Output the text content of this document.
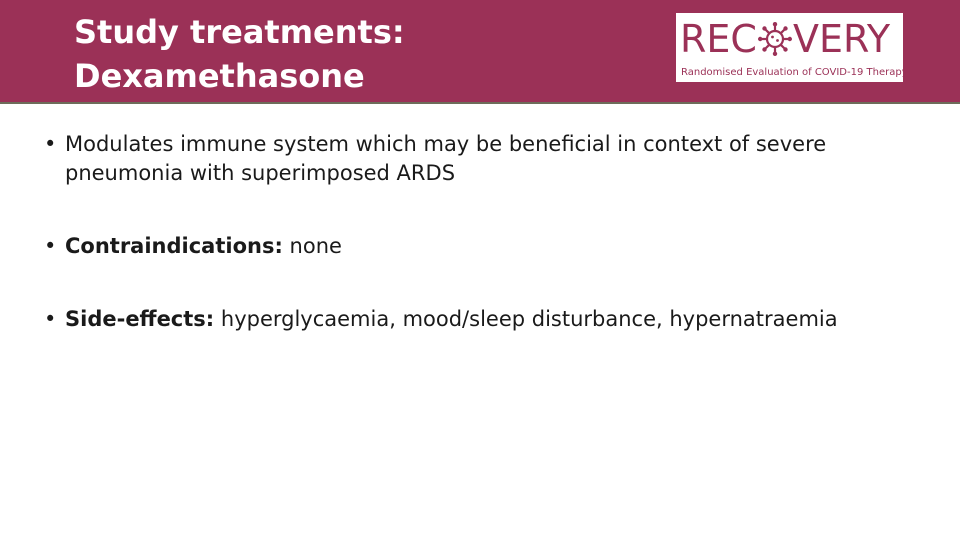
Study treatments:
Dexamethasone
REC VERY
Randomised Evaluation of COVID-19 Therapy
• Modulates immune system which may be beneficial in context of severe pneumonia with superimposed ARDS
• Contraindications: none
• Side-effects: hyperglycaemia, mood/sleep disturbance, hypernatraemia
